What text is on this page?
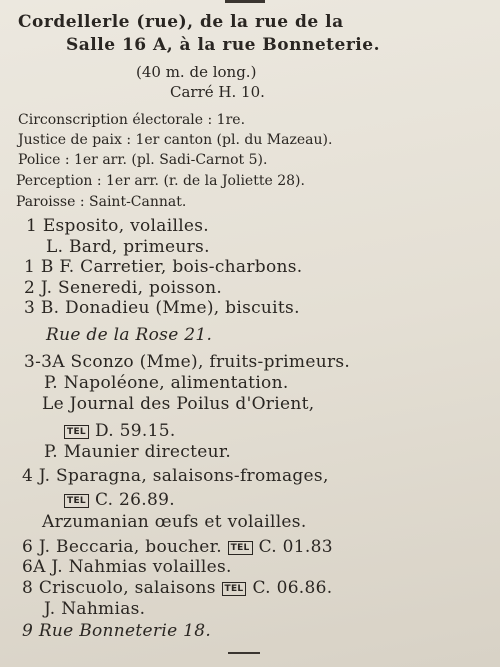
Cordellerle (rue), de la rue de la
Salle 16 A, à la rue Bonneterie.
(40 m. de long.)
Carré H. 10.
Circonscription électorale : 1re.
Justice de paix : 1er canton (pl. du Mazeau).
Police : 1er arr. (pl. Sadi-Carnot 5).
Perception : 1er arr. (r. de la Joliette 28).
Paroisse : Saint-Cannat.
1 Esposito, volailles.
L. Bard, primeurs.
1 B F. Carretier, bois-charbons.
2 J. Seneredi, poisson.
3 B. Donadieu (Mme), biscuits.
Rue de la Rose 21.
3-3A Sconzo (Mme), fruits-primeurs.
P. Napoléone, alimentation.
Le Journal des Poilus d'Orient,
TEL D. 59.15.
P. Maunier directeur.
4 J. Sparagna, salaisons-fromages,
TEL C. 26.89.
Arzumanian œufs et volailles.
6 J. Beccaria, boucher. TEL C. 01.83
6A J. Nahmias volailles.
8 Criscuolo, salaisons TEL C. 06.86.
J. Nahmias.
9 Rue Bonneterie 18.
